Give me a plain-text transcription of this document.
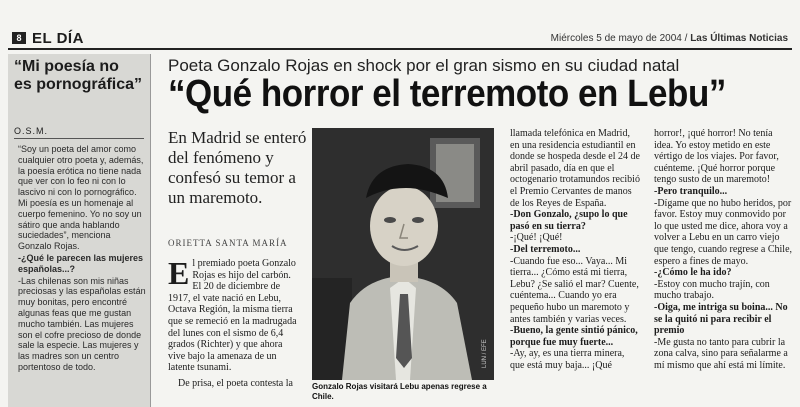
8 EL DÍA	Miércoles 5 de mayo de 2004 / Las Últimas Noticias
“Mi poesía no
es pornográfica”
O.S.M.

“Soy un poeta del amor como cualquier otro poeta y, además, la poesía erótica no tiene nada que ver con lo feo ni con lo lascivo ni con lo pornográfico. Mi poesía es un homenaje al cuerpo femenino. Yo no soy un sátiro que anda hablando suciedades”, menciona Gonzalo Rojas.

-¿Qué le parecen las mujeres españolas...?

-Las chilenas son mis niñas preciosas y las españolas están muy bonitas, pero encontré algunas feas que me gustan mucho también. Las mujeres son el cofre precioso de donde sale la especie. Las mujeres y las madres son un centro portentoso de todo.

Poeta Gonzalo Rojas en shock por el gran sismo en su ciudad natal
“Qué horror el terremoto en Lebu”
En Madrid se enteró del fenómeno y confesó su temor a un maremoto.
ORIETTA SANTA MARÍA

El premiado poeta Gonzalo Rojas es hijo del carbón. El 20 de diciembre de 1917, el vate nació en Lebu, Octava Región, la misma tierra que se remeció en la madrugada del lunes con el sismo de 6,4 grados (Richter) y que ahora vive bajo la amenaza de un latente tsunami.

De prisa, el poeta contesta la

LUN / EFE
Gonzalo Rojas visitará Lebu apenas regrese a Chile.

llamada telefónica en Madrid, en una residencia estudiantil en donde se hospeda desde el 24 de abril pasado, día en que el octogenario trotamundos recibió el Premio Cervantes de manos de los Reyes de España.

-Don Gonzalo, ¿supo lo que pasó en su tierra?

-¡Qué! ¡Qué!

-Del terremoto...

-Cuando fue eso... Vaya... Mi tierra... ¿Cómo está mi tierra, Lebu? ¿Se salió el mar? Cuente, cuéntema... Cuando yo era pequeño hubo un maremoto y antes también y varias veces.

-Bueno, la gente sintió pánico, porque fue muy fuerte...

-Ay, ay, es una tierra minera, que está muy baja... ¡Qué

horror!, ¡qué horror! No tenía idea. Yo estoy metido en este vértigo de los viajes. Por favor, cuénteme. ¡Qué horror porque tengo susto de un maremoto!

-Pero tranquilo...

-Dígame que no hubo heridos, por favor. Estoy muy conmovido por lo que usted me dice, ahora voy a volver a Lebu en un carro viejo que tengo, cuando regrese a Chile, espero a fines de mayo.

-¿Cómo le ha ido?

-Estoy con mucho trajín, con mucho trabajo.

-Oiga, me intriga su boina... No se la quitó ni para recibir el premio

-Me gusta no tanto para cubrir la zona calva, sino para señalarme a mí mismo que ahí está mi límite.
